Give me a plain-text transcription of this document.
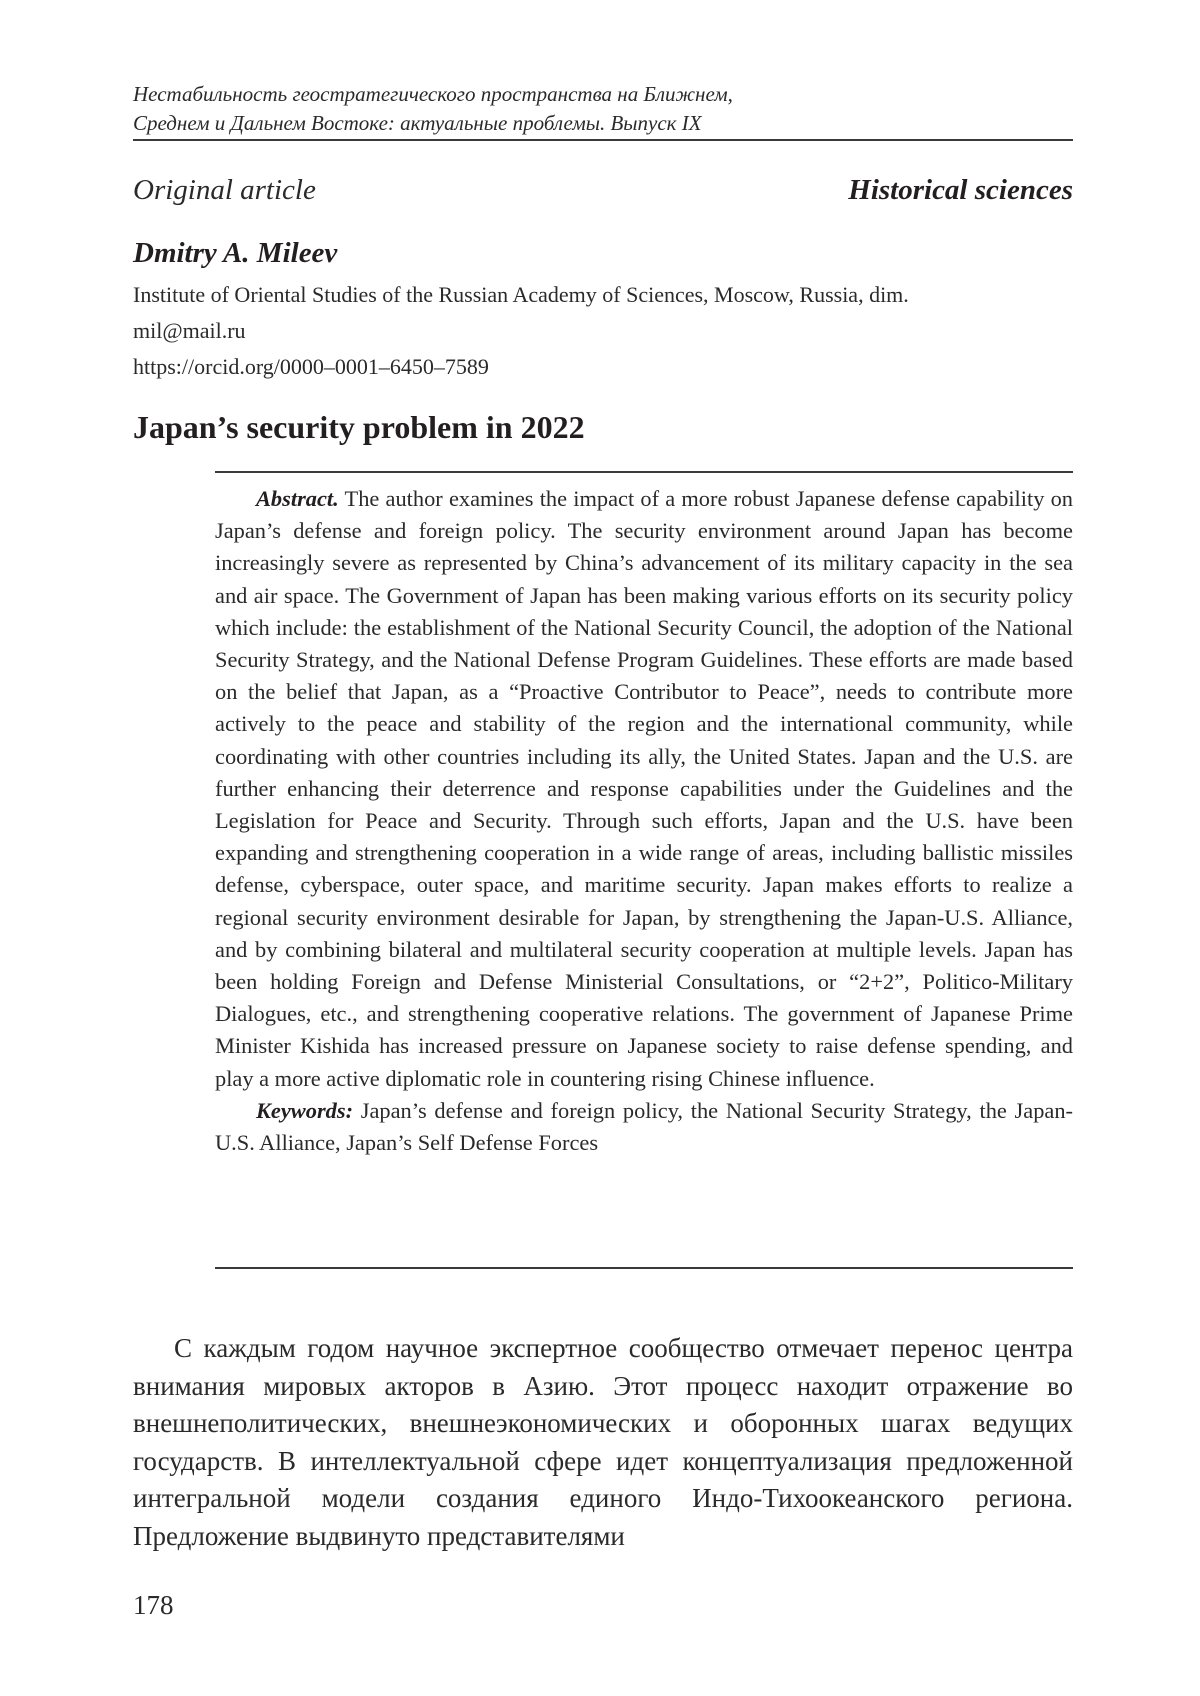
Нестабильность геостратегического пространства на Ближнем,
Среднем и Дальнем Востоке: актуальные проблемы. Выпуск IX
Original article	Historical sciences
Dmitry A. Mileev
Institute of Oriental Studies of the Russian Academy of Sciences, Moscow, Russia, dim.
mil@mail.ru
https://orcid.org/0000–0001–6450–7589
Japan’s security problem in 2022

Abstract. The author examines the impact of a more robust Japanese defense capability on Japan’s defense and foreign policy. The security environment around Japan has become increasingly severe as represented by China’s advancement of its military capacity in the sea and air space. The Government of Japan has been making various efforts on its security policy which include: the establishment of the National Security Council, the adoption of the National Security Strategy, and the National Defense Program Guidelines. These efforts are made based on the belief that Japan, as a “Proactive Contributor to Peace”, needs to contribute more actively to the peace and stability of the region and the international community, while coordinating with other countries including its ally, the United States. Japan and the U.S. are further enhancing their deterrence and response capabilities under the Guidelines and the Legislation for Peace and Security. Through such efforts, Japan and the U.S. have been expanding and strengthening cooperation in a wide range of areas, including ballistic missiles defense, cyberspace, outer space, and maritime security. Japan makes efforts to realize a regional security environment desirable for Japan, by strengthening the Japan-U.S. Alliance, and by combining bilateral and multilateral security cooperation at multiple levels. Japan has been holding Foreign and Defense Ministerial Consultations, or “2+2”, Politico-Military Dialogues, etc., and strengthening cooperative relations. The government of Japanese Prime Minister Kishida has increased pressure on Japanese society to raise defense spending, and play a more active diplomatic role in countering rising Chinese influence.

Keywords: Japan’s defense and foreign policy, the National Security Strategy, the Japan-U.S. Alliance, Japan’s Self Defense Forces

С каждым годом научное экспертное сообщество отмечает перенос центра внимания мировых акторов в Азию. Этот процесс находит отражение во внешнеполитических, внешнеэкономических и оборонных шагах ведущих государств. В интеллектуальной сфере идет концептуализация предложенной интегральной модели создания единого Индо-Тихоокеанского региона. Предложение выдвинуто представителями

178
